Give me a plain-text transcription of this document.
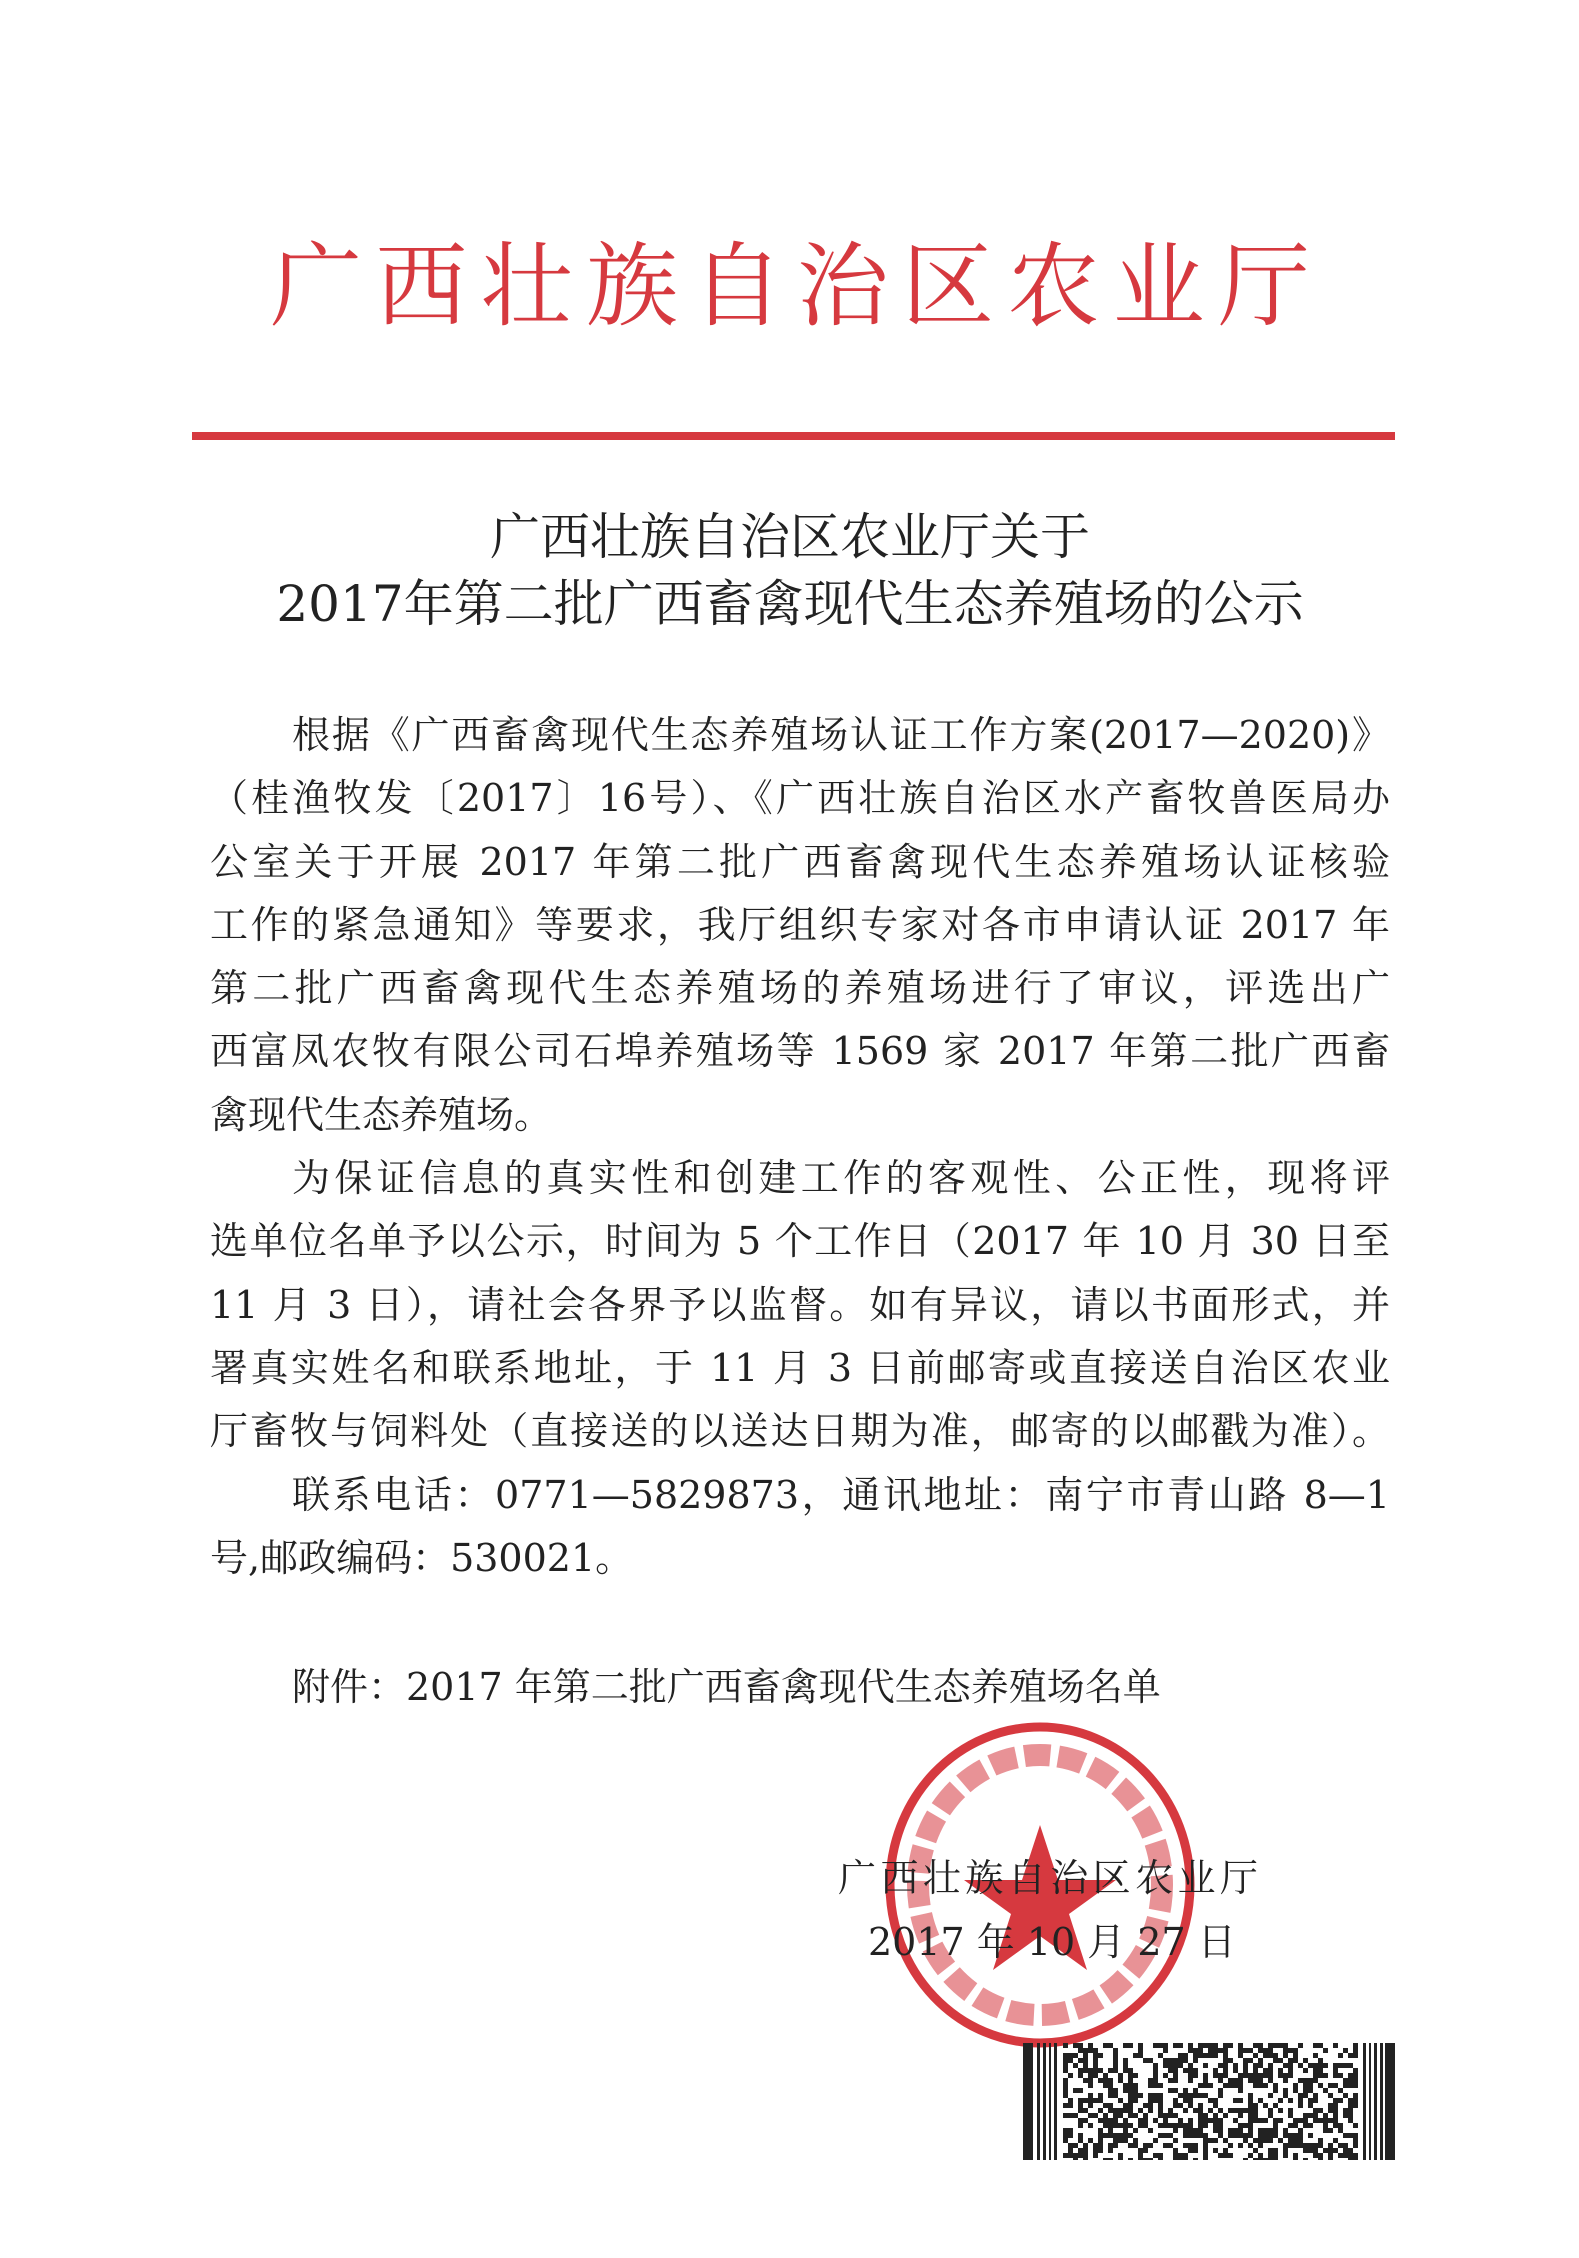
广西壮族自治区农业厅
广西壮族自治区农业厅关于
2017年第二批广西畜禽现代生态养殖场的公示
根据《广西畜禽现代生态养殖场认证工作方案(2017—2020)》
（桂渔牧发〔2017〕16号）、《广西壮族自治区水产畜牧兽医局办
公室关于开展 2017 年第二批广西畜禽现代生态养殖场认证核验
工作的紧急通知》等要求，我厅组织专家对各市申请认证 2017 年
第二批广西畜禽现代生态养殖场的养殖场进行了审议，评选出广
西富凤农牧有限公司石埠养殖场等 1569 家 2017 年第二批广西畜
禽现代生态养殖场。
为保证信息的真实性和创建工作的客观性、公正性，现将评
选单位名单予以公示，时间为 5 个工作日（2017 年 10 月 30 日至
11 月 3 日），请社会各界予以监督。如有异议，请以书面形式，并
署真实姓名和联系地址，于 11 月 3 日前邮寄或直接送自治区农业
厅畜牧与饲料处（直接送的以送达日期为准，邮寄的以邮戳为准）。
联系电话：0771—5829873，通讯地址：南宁市青山路 8—1
号,邮政编码：530021。
附件：2017 年第二批广西畜禽现代生态养殖场名单
广西壮族自治区农业厅
2017 年 10 月 27 日
